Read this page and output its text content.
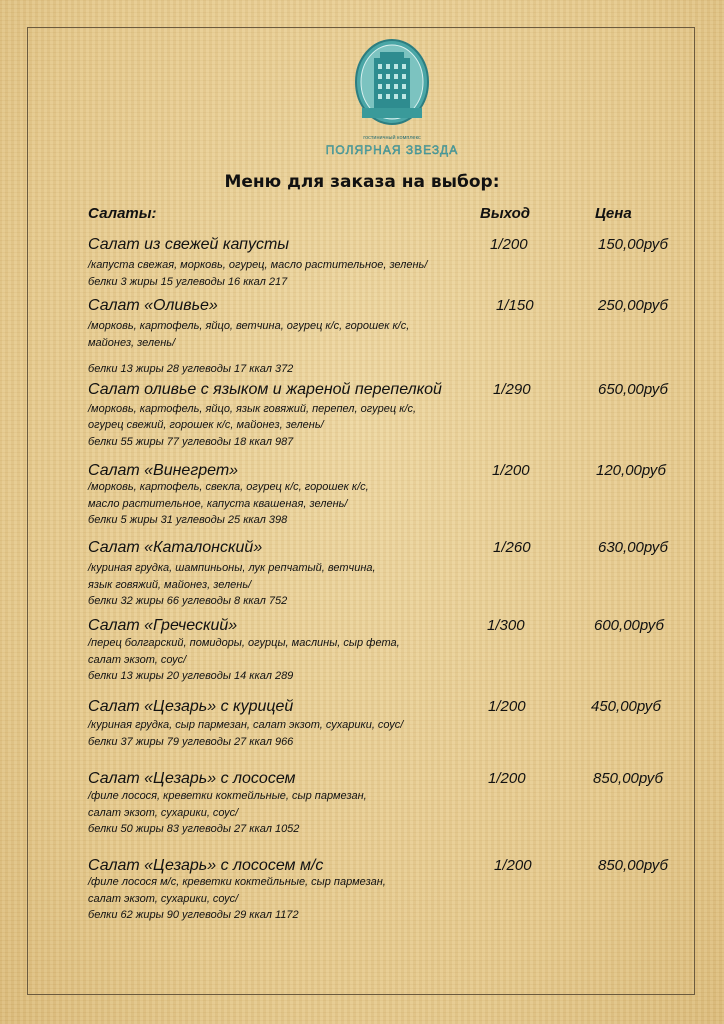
гостиничный комплекс
ПОЛЯРНАЯ ЗВЕЗДА
Меню для заказа на выбор:
Салаты:	Выход	Цена
Салат из свежей капусты	1/200	150,00руб
/капуста свежая, морковь, огурец, масло растительное, зелень/
белки 3 жиры 15 углеводы 16 ккал 217
Салат «Оливье»	1/150	250,00руб
/морковь, картофель, яйцо, ветчина, огурец к/с, горошек к/с,
майонез, зелень/
белки 13 жиры 28 углеводы 17 ккал 372
Салат оливье с языком и жареной перепелкой	1/290	650,00руб
/морковь, картофель, яйцо, язык говяжий, перепел, огурец к/с,
огурец свежий, горошек к/с, майонез, зелень/
белки 55 жиры 77 углеводы 18 ккал 987
Салат «Винегрет»	1/200	120,00руб
/морковь, картофель, свекла, огурец к/с, горошек к/с,
масло растительное, капуста квашеная, зелень/
белки 5 жиры 31 углеводы 25 ккал 398
Салат «Каталонский»	1/260	630,00руб
/куриная грудка, шампиньоны, лук репчатый, ветчина,
язык говяжий, майонез, зелень/
белки 32 жиры 66 углеводы 8 ккал 752
Салат «Греческий»	1/300	600,00руб
/перец болгарский, помидоры, огурцы, маслины, сыр фета,
салат экзот, соус/
белки 13 жиры 20 углеводы 14 ккал 289
Салат «Цезарь» с курицей	1/200	450,00руб
/куриная грудка, сыр пармезан, салат экзот, сухарики, соус/
белки 37 жиры 79 углеводы 27 ккал 966
Салат «Цезарь» с лососем	1/200	850,00руб
/филе лосося, креветки коктейльные, сыр пармезан,
салат экзот, сухарики, соус/
белки 50 жиры 83 углеводы 27 ккал 1052
Салат «Цезарь» с лососем м/с	1/200	850,00руб
/филе лосося м/с, креветки коктейльные, сыр пармезан,
салат экзот, сухарики, соус/
белки 62 жиры 90 углеводы 29 ккал 1172
